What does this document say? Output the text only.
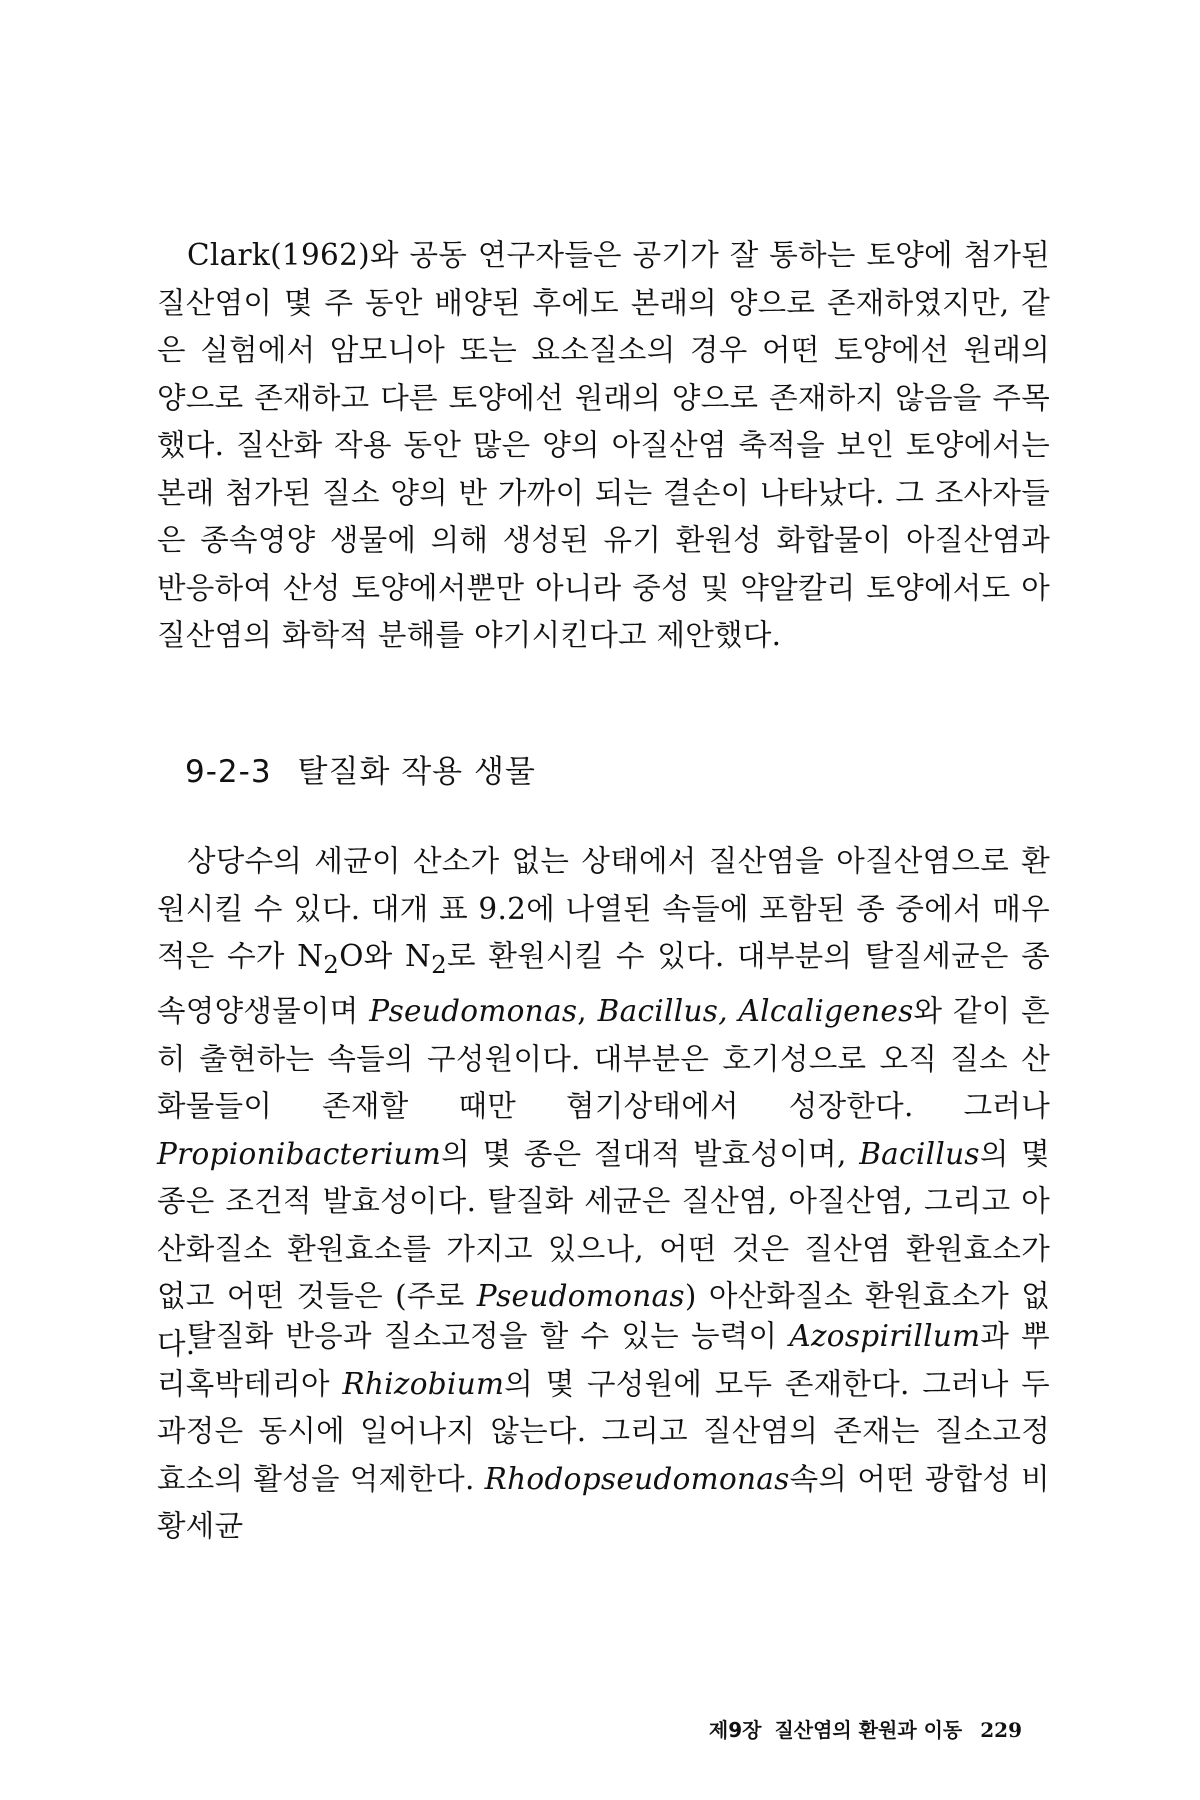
Clark(1962)와 공동 연구자들은 공기가 잘 통하는 토양에 첨가된 질산염이 몇 주 동안 배양된 후에도 본래의 양으로 존재하였지만, 같은 실험에서 암모니아 또는 요소질소의 경우 어떤 토양에선 원래의 양으로 존재하고 다른 토양에선 원래의 양으로 존재하지 않음을 주목했다. 질산화 작용 동안 많은 양의 아질산염 축적을 보인 토양에서는 본래 첨가된 질소 양의 반 가까이 되는 결손이 나타났다. 그 조사자들은 종속영양 생물에 의해 생성된 유기 환원성 화합물이 아질산염과 반응하여 산성 토양에서뿐만 아니라 중성 및 약알칼리 토양에서도 아질산염의 화학적 분해를 야기시킨다고 제안했다.

9-2-3 탈질화 작용 생물

상당수의 세균이 산소가 없는 상태에서 질산염을 아질산염으로 환원시킬 수 있다. 대개 표 9.2에 나열된 속들에 포함된 종 중에서 매우 적은 수가 $N_2O$와 $N_2$로 환원시킬 수 있다. 대부분의 탈질세균은 종속영양생물이며 Pseudomonas, Bacillus, Alcaligenes와 같이 흔히 출현하는 속들의 구성원이다. 대부분은 호기성으로 오직 질소 산화물들이 존재할 때만 혐기상태에서 성장한다. 그러나 Propionibacterium의 몇 종은 절대적 발효성이며, Bacillus의 몇 종은 조건적 발효성이다. 탈질화 세균은 질산염, 아질산염, 그리고 아산화질소 환원효소를 가지고 있으나, 어떤 것은 질산염 환원효소가 없고 어떤 것들은 (주로 Pseudomonas) 아산화질소 환원효소가 없다.

탈질화 반응과 질소고정을 할 수 있는 능력이 Azospirillum과 뿌리혹박테리아 Rhizobium의 몇 구성원에 모두 존재한다. 그러나 두 과정은 동시에 일어나지 않는다. 그리고 질산염의 존재는 질소고정 효소의 활성을 억제한다. Rhodopseudomonas속의 어떤 광합성 비황세균

제9장 질산염의 환원과 이동 229
